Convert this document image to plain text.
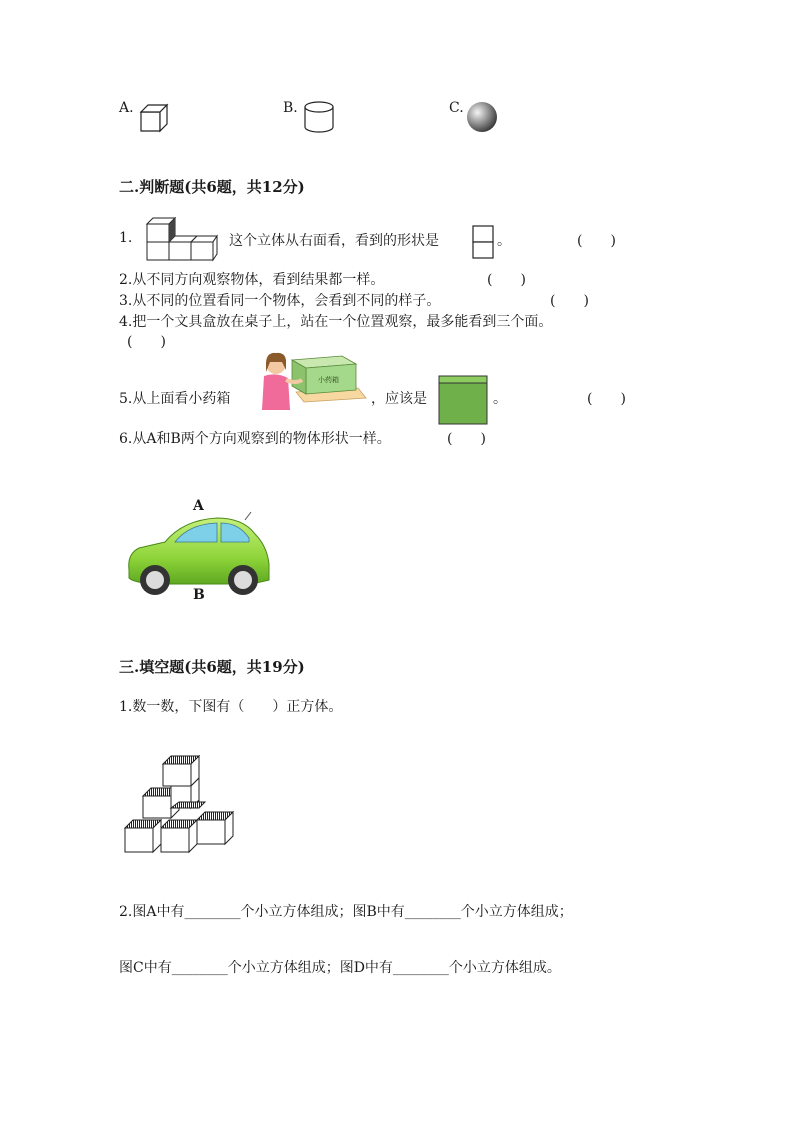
A.	B.	C.
二.判断题(共6题，共12分)
1.	这个立体从右面看，看到的形状是	。	(　　)
2.从不同方向观察物体，看到结果都一样。	(　　)
3.从不同的位置看同一个物体，会看到不同的样子。	(　　)
4.把一个文具盒放在桌子上，站在一个位置观察，最多能看到三个面。
(　　)
5.从上面看小药箱
小药箱
，应该是	。	(　　)
6.从A和B两个方向观察到的物体形状一样。	(　　)
A
B
三.填空题(共6题，共19分)
1.数一数，下图有（　　）正方体。
2.图A中有________个小立方体组成；图B中有________个小立方体组成；
图C中有________个小立方体组成；图D中有________个小立方体组成。
